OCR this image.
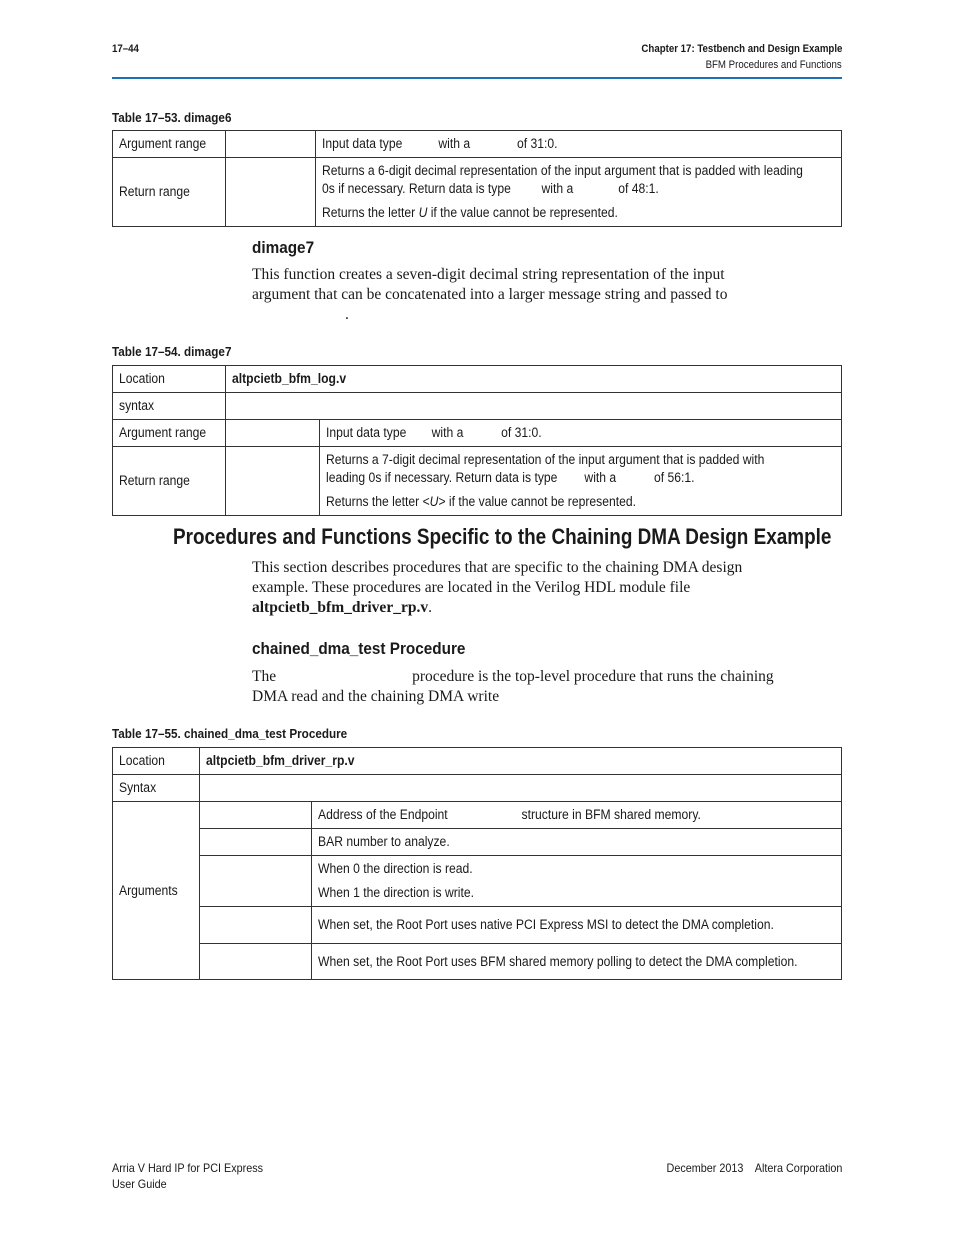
17–44	Chapter 17: Testbench and Design Example
BFM Procedures and Functions
Table 17–53. dimage6
Argument range		Input data type with a of 31:0.
Return range		Returns a 6-digit decimal representation of the input argument that is padded with leading

0s if necessary. Return data is type with a of 48:1.

Returns the letter U if the value cannot be represented.

dimage7
This function creates a seven-digit decimal string representation of the input
argument that can be concatenated into a larger message string and passed to
.
Table 17–54. dimage7
Location	altpcietb_bfm_log.v	
syntax		
Argument range		Input data type with a of 31:0.
Return range		Returns a 7-digit decimal representation of the input argument that is padded with

leading 0s if necessary. Return data is type with a of 56:1.

Returns the letter <U> if the value cannot be represented.

Procedures and Functions Specific to the Chaining DMA Design Example
This section describes procedures that are specific to the chaining DMA design
example. These procedures are located in the Verilog HDL module file
altpcietb_bfm_driver_rp.v.
chained_dma_test Procedure
The	procedure is the top-level procedure that runs the chaining
DMA read and the chaining DMA write
Table 17–55. chained_dma_test Procedure
Location	altpcietb_bfm_driver_rp.v	
Syntax		
Arguments		Address of the Endpoint structure in BFM shared memory.
		BAR number to analyze.

		When 0 the direction is read.

When 1 the direction is write.

		When set, the Root Port uses native PCI Express MSI to detect the DMA completion.
		When set, the Root Port uses BFM shared memory polling to detect the DMA completion.
Arria V Hard IP for PCI Express
User Guide
December 2013    Altera Corporation
